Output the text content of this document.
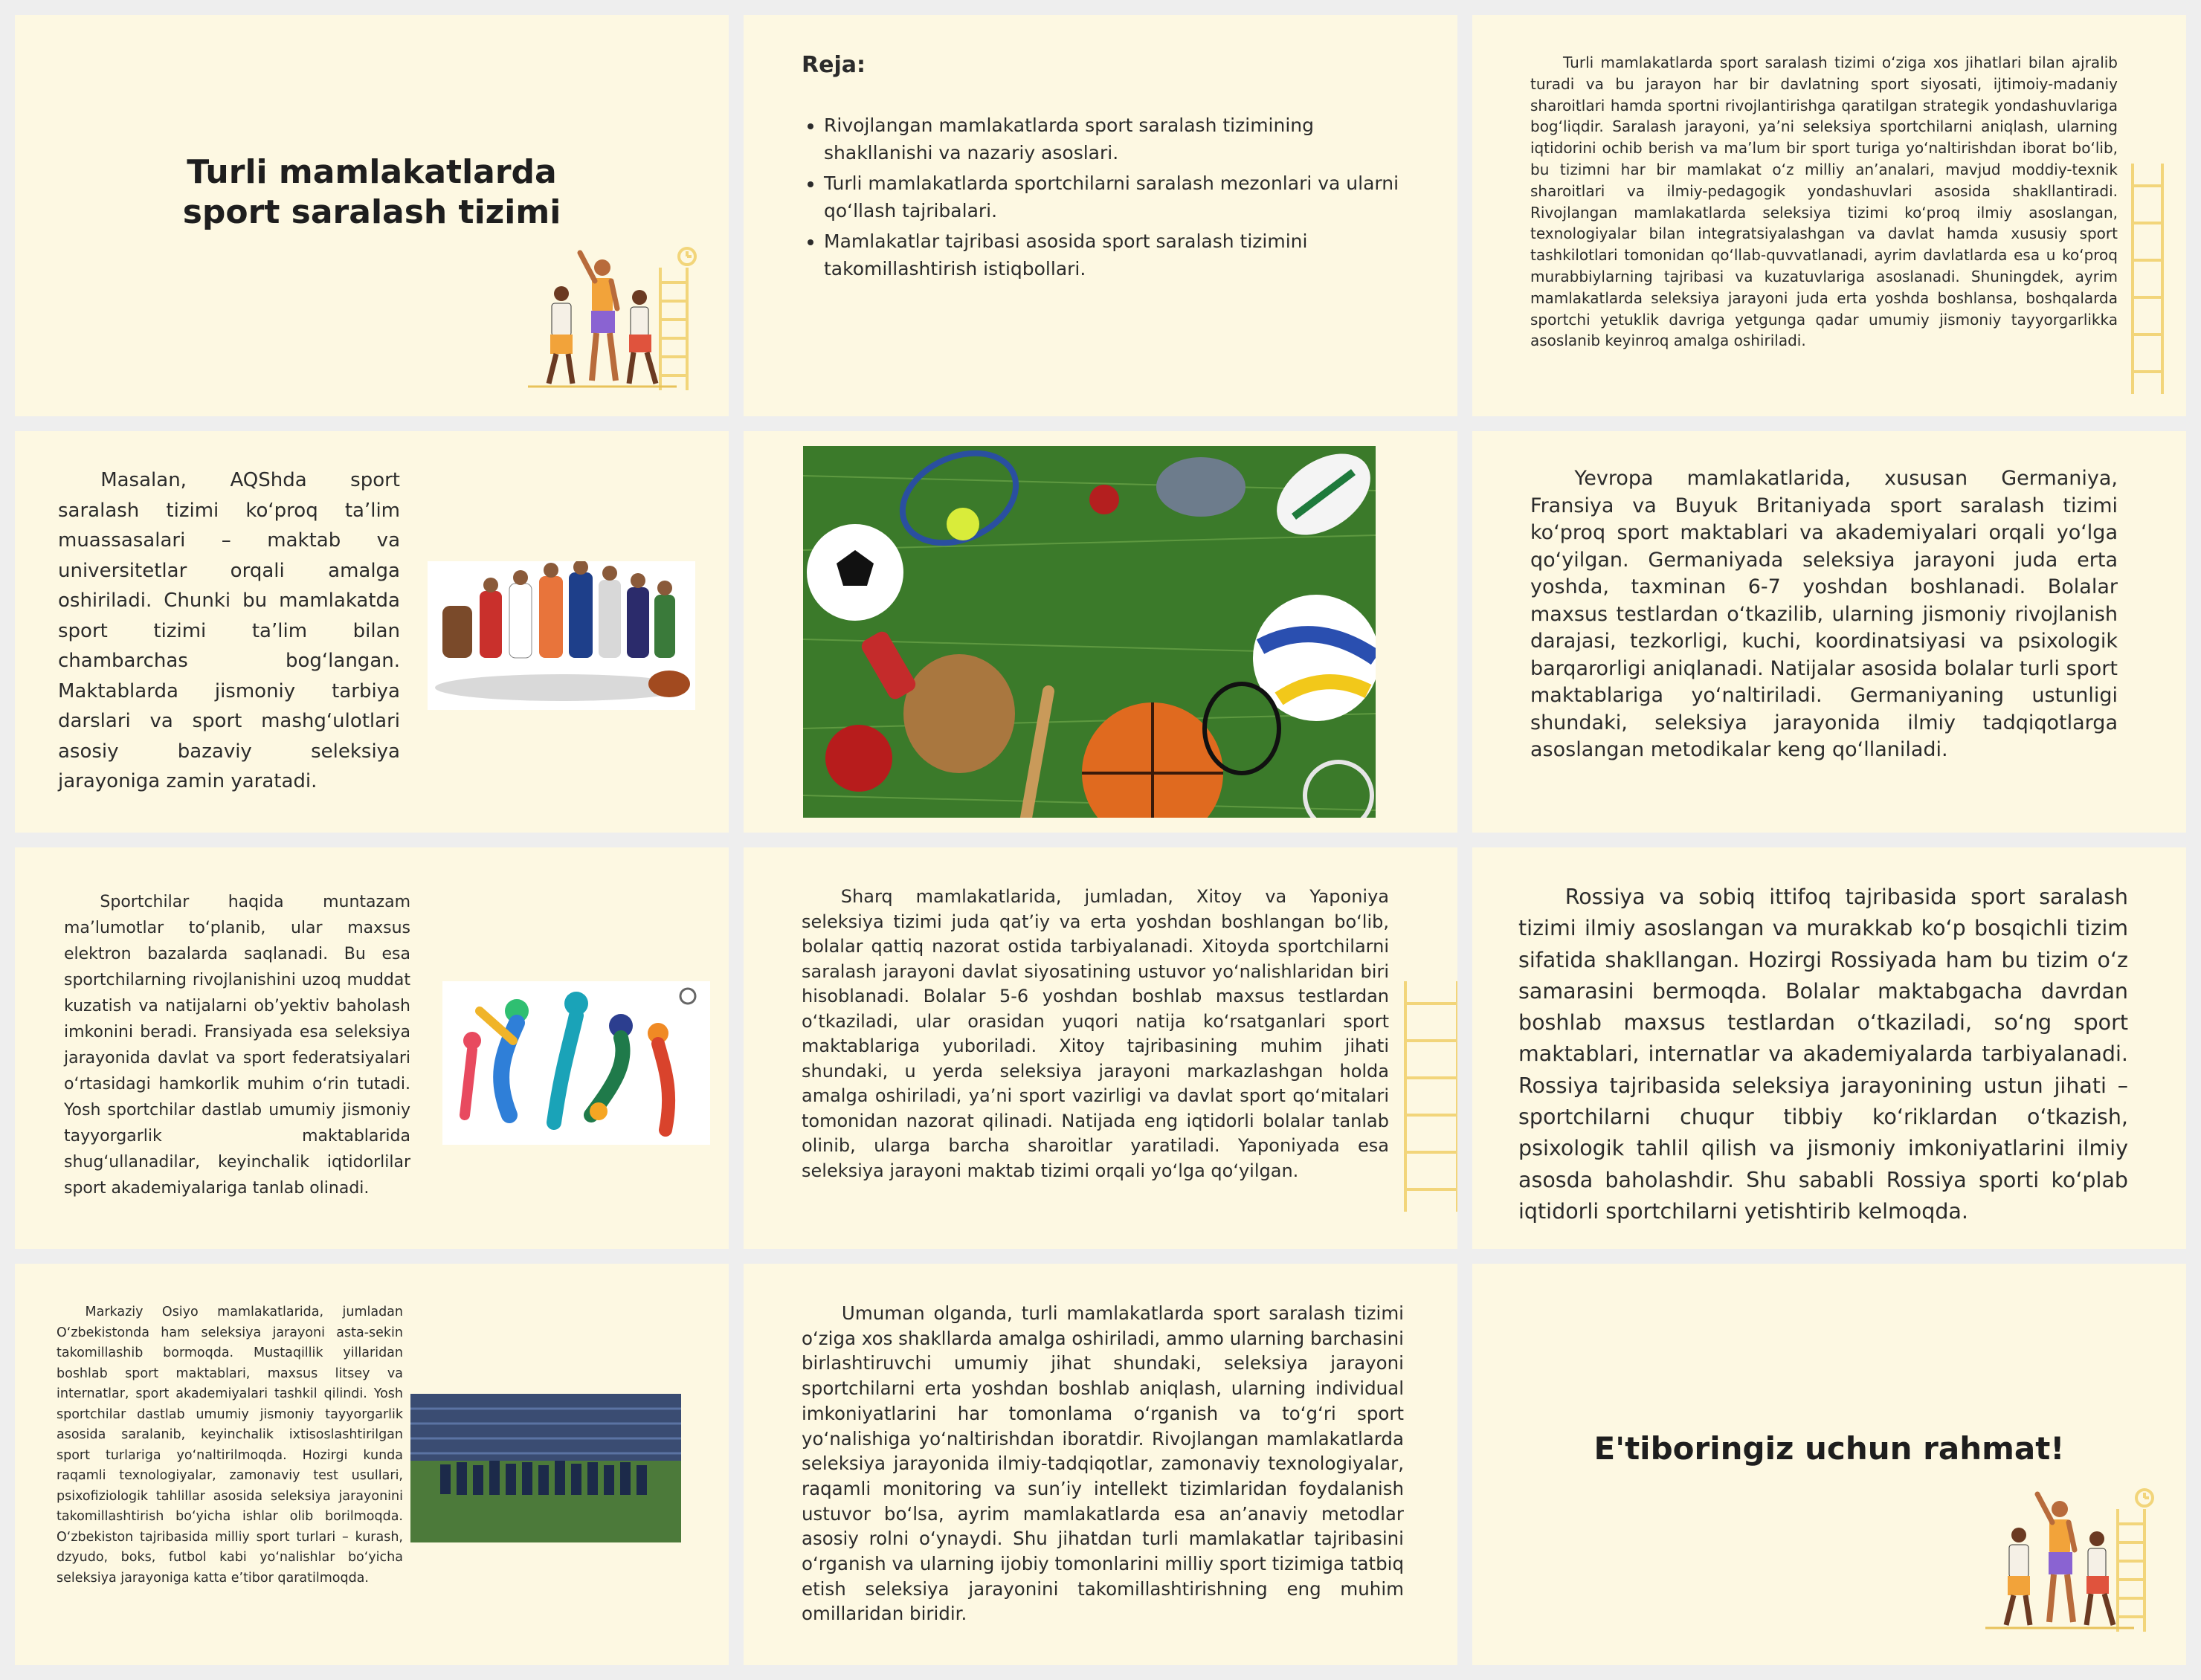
Turli mamlakatlarda sport saralash tizimi
Reja:
• Rivojlangan mamlakatlarda sport saralash tizimining shakllanishi va nazariy asoslari.
• Turli mamlakatlarda sportchilarni saralash mezonlari va ularni qo‘llash tajribalari.
• Mamlakatlar tajribasi asosida sport saralash tizimini takomillashtirish istiqbollari.

Turli mamlakatlarda sport saralash tizimi o‘ziga xos jihatlari bilan ajralib turadi va bu jarayon har bir davlatning sport siyosati, ijtimoiy-madaniy sharoitlari hamda sportni rivojlantirishga qaratilgan strategik yondashuvlariga bog‘liqdir. Saralash jarayoni, ya’ni seleksiya sportchilarni aniqlash, ularning iqtidorini ochib berish va ma’lum bir sport turiga yo‘naltirishdan iborat bo‘lib, bu tizimni har bir mamlakat o‘z milliy an’analari, mavjud moddiy-texnik sharoitlari va ilmiy-pedagogik yondashuvlari asosida shakllantiradi. Rivojlangan mamlakatlarda seleksiya tizimi ko‘proq ilmiy asoslangan, texnologiyalar bilan integratsiyalashgan va davlat hamda xususiy sport tashkilotlari tomonidan qo‘llab-quvvatlanadi, ayrim davlatlarda esa u ko‘proq murabbiylarning tajribasi va kuzatuvlariga asoslanadi. Shuningdek, ayrim mamlakatlarda seleksiya jarayoni juda erta yoshda boshlansa, boshqalarda sportchi yetuklik davriga yetgunga qadar umumiy jismoniy tayyorgarlikka asoslanib keyinroq amalga oshiriladi.

Masalan, AQShda sport saralash tizimi ko‘proq ta’lim muassasalari – maktab va universitetlar orqali amalga oshiriladi. Chunki bu mamlakatda sport tizimi ta’lim bilan chambarchas bog‘langan. Maktablarda jismoniy tarbiya darslari va sport mashg‘ulotlari asosiy bazaviy seleksiya jarayoniga zamin yaratadi.

Yevropa mamlakatlarida, xususan Germaniya, Fransiya va Buyuk Britaniyada sport saralash tizimi ko‘proq sport maktablari va akademiyalari orqali yo‘lga qo‘yilgan. Germaniyada seleksiya jarayoni juda erta yoshda, taxminan 6-7 yoshdan boshlanadi. Bolalar maxsus testlardan o‘tkazilib, ularning jismoniy rivojlanish darajasi, tezkorligi, kuchi, koordinatsiyasi va psixologik barqarorligi aniqlanadi. Natijalar asosida bolalar turli sport maktablariga yo‘naltiriladi. Germaniyaning ustunligi shundaki, seleksiya jarayonida ilmiy tadqiqotlarga asoslangan metodikalar keng qo‘llaniladi.

Sportchilar haqida muntazam ma’lumotlar to‘planib, ular maxsus elektron bazalarda saqlanadi. Bu esa sportchilarning rivojlanishini uzoq muddat kuzatish va natijalarni ob’yektiv baholash imkonini beradi. Fransiyada esa seleksiya jarayonida davlat va sport federatsiyalari o‘rtasidagi hamkorlik muhim o‘rin tutadi. Yosh sportchilar dastlab umumiy jismoniy tayyorgarlik maktablarida shug‘ullanadilar, keyinchalik iqtidorlilar sport akademiyalariga tanlab olinadi.

Sharq mamlakatlarida, jumladan, Xitoy va Yaponiya seleksiya tizimi juda qat’iy va erta yoshdan boshlangan bo‘lib, bolalar qattiq nazorat ostida tarbiyalanadi. Xitoyda sportchilarni saralash jarayoni davlat siyosatining ustuvor yo‘nalishlaridan biri hisoblanadi. Bolalar 5-6 yoshdan boshlab maxsus testlardan o‘tkaziladi, ular orasidan yuqori natija ko‘rsatganlari sport maktablariga yuboriladi. Xitoy tajribasining muhim jihati shundaki, u yerda seleksiya jarayoni markazlashgan holda amalga oshiriladi, ya’ni sport vazirligi va davlat sport qo‘mitalari tomonidan nazorat qilinadi. Natijada eng iqtidorli bolalar tanlab olinib, ularga barcha sharoitlar yaratiladi. Yaponiyada esa seleksiya jarayoni maktab tizimi orqali yo‘lga qo‘yilgan.

Rossiya va sobiq ittifoq tajribasida sport saralash tizimi ilmiy asoslangan va murakkab ko‘p bosqichli tizim sifatida shakllangan. Hozirgi Rossiyada ham bu tizim o‘z samarasini bermoqda. Bolalar maktabgacha davrdan boshlab maxsus testlardan o‘tkaziladi, so‘ng sport maktablari, internatlar va akademiyalarda tarbiyalanadi. Rossiya tajribasida seleksiya jarayonining ustun jihati – sportchilarni chuqur tibbiy ko‘riklardan o‘tkazish, psixologik tahlil qilish va jismoniy imkoniyatlarini ilmiy asosda baholashdir. Shu sababli Rossiya sporti ko‘plab iqtidorli sportchilarni yetishtirib kelmoqda.

Markaziy Osiyo mamlakatlarida, jumladan O‘zbekistonda ham seleksiya jarayoni asta-sekin takomillashib bormoqda. Mustaqillik yillaridan boshlab sport maktablari, maxsus litsey va internatlar, sport akademiyalari tashkil qilindi. Yosh sportchilar dastlab umumiy jismoniy tayyorgarlik asosida saralanib, keyinchalik ixtisoslashtirilgan sport turlariga yo‘naltirilmoqda. Hozirgi kunda raqamli texnologiyalar, zamonaviy test usullari, psixofiziologik tahlillar asosida seleksiya jarayonini takomillashtirish bo‘yicha ishlar olib borilmoqda. O‘zbekiston tajribasida milliy sport turlari – kurash, dzyudo, boks, futbol kabi yo‘nalishlar bo‘yicha seleksiya jarayoniga katta e’tibor qaratilmoqda.

Umuman olganda, turli mamlakatlarda sport saralash tizimi o‘ziga xos shakllarda amalga oshiriladi, ammo ularning barchasini birlashtiruvchi umumiy jihat shundaki, seleksiya jarayoni sportchilarni erta yoshdan boshlab aniqlash, ularning individual imkoniyatlarini har tomonlama o‘rganish va to‘g‘ri sport yo‘nalishiga yo‘naltirishdan iboratdir. Rivojlangan mamlakatlarda seleksiya jarayonida ilmiy-tadqiqotlar, zamonaviy texnologiyalar, raqamli monitoring va sun’iy intellekt tizimlaridan foydalanish ustuvor bo‘lsa, ayrim mamlakatlarda esa an’anaviy metodlar asosiy rolni o‘ynaydi. Shu jihatdan turli mamlakatlar tajribasini o‘rganish va ularning ijobiy tomonlarini milliy sport tizimiga tatbiq etish seleksiya jarayonini takomillashtirishning eng muhim omillaridan biridir.

E'tiboringiz uchun rahmat!
